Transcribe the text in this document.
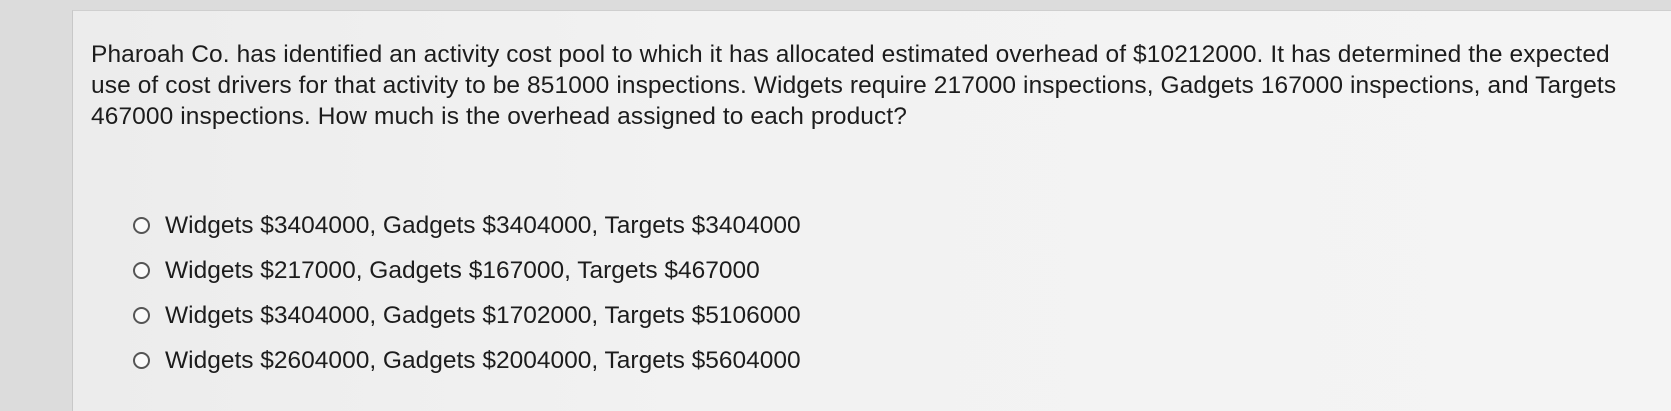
Pharoah Co. has identified an activity cost pool to which it has allocated estimated overhead of $10212000. It has determined the expected use of cost drivers for that activity to be 851000 inspections. Widgets require 217000 inspections, Gadgets 167000 inspections, and Targets 467000 inspections. How much is the overhead assigned to each product?
Widgets $3404000, Gadgets $3404000, Targets $3404000
Widgets $217000, Gadgets $167000, Targets $467000
Widgets $3404000, Gadgets $1702000, Targets $5106000
Widgets $2604000, Gadgets $2004000, Targets $5604000
